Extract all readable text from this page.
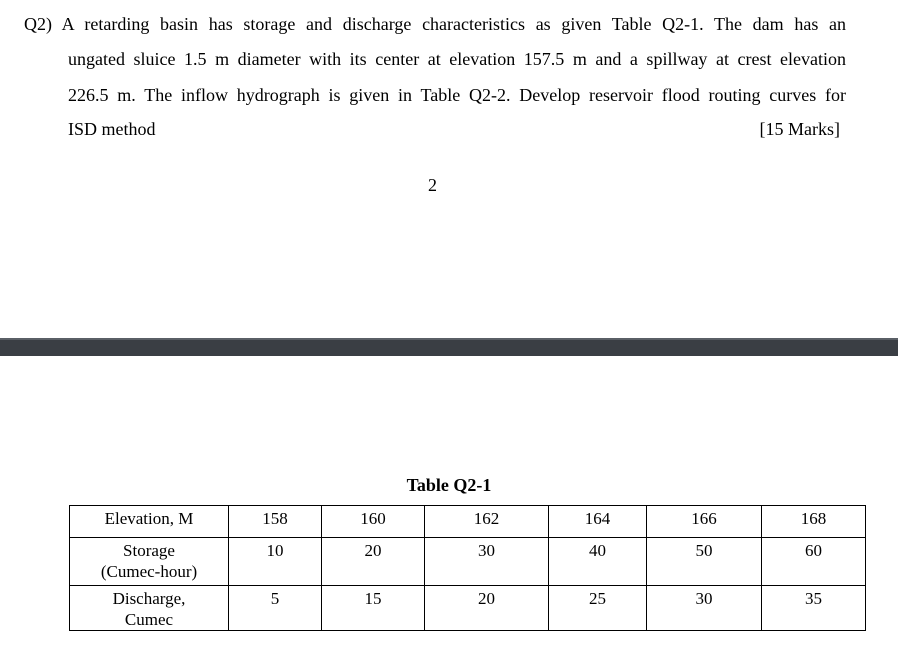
Q2) A retarding basin has storage and discharge characteristics as given Table Q2-1. The dam has an
ungated sluice 1.5 m diameter with its center at elevation 157.5 m and a spillway at crest elevation
226.5 m. The inflow hydrograph is given in Table Q2-2. Develop reservoir flood routing curves for
ISD method	[15 Marks]
2
Table Q2-1
Elevation, M	158	160	162	164	166	168
Storage
(Cumec-hour)	10	20	30	40	50	60
Discharge,
Cumec	5	15	20	25	30	35
